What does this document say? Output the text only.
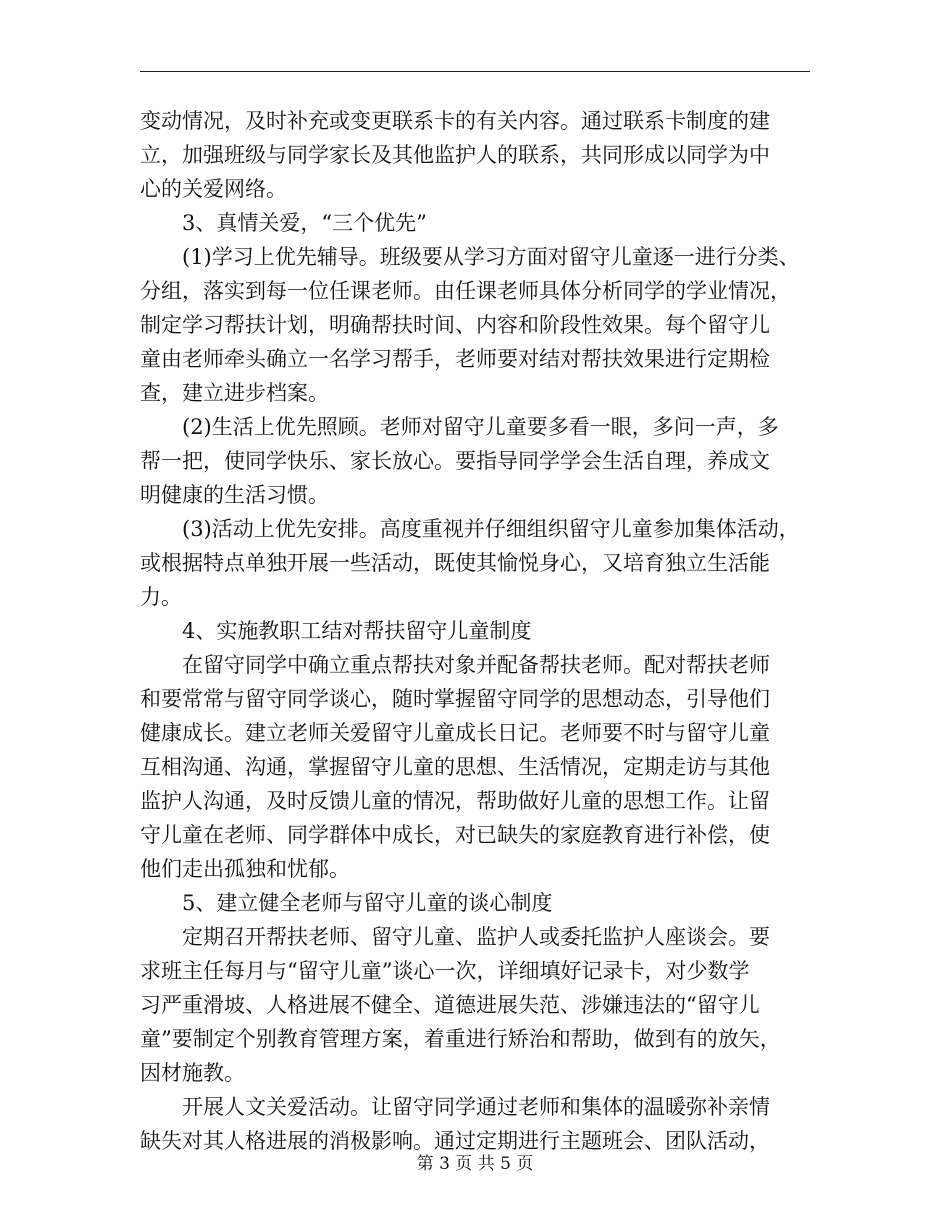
变动情况，及时补充或变更联系卡的有关内容。通过联系卡制度的建
立，加强班级与同学家长及其他监护人的联系，共同形成以同学为中
心的关爱网络。
3、真情关爱，“三个优先”
(1)学习上优先辅导。班级要从学习方面对留守儿童逐一进行分类、
分组，落实到每一位任课老师。由任课老师具体分析同学的学业情况，
制定学习帮扶计划，明确帮扶时间、内容和阶段性效果。每个留守儿
童由老师牵头确立一名学习帮手，老师要对结对帮扶效果进行定期检
查，建立进步档案。
(2)生活上优先照顾。老师对留守儿童要多看一眼，多问一声，多
帮一把，使同学快乐、家长放心。要指导同学学会生活自理，养成文
明健康的生活习惯。
(3)活动上优先安排。高度重视并仔细组织留守儿童参加集体活动，
或根据特点单独开展一些活动，既使其愉悦身心，又培育独立生活能
力。
4、实施教职工结对帮扶留守儿童制度
在留守同学中确立重点帮扶对象并配备帮扶老师。配对帮扶老师
和要常常与留守同学谈心，随时掌握留守同学的思想动态，引导他们
健康成长。建立老师关爱留守儿童成长日记。老师要不时与留守儿童
互相沟通、沟通，掌握留守儿童的思想、生活情况，定期走访与其他
监护人沟通，及时反馈儿童的情况，帮助做好儿童的思想工作。让留
守儿童在老师、同学群体中成长，对已缺失的家庭教育进行补偿，使
他们走出孤独和忧郁。
5、建立健全老师与留守儿童的谈心制度
定期召开帮扶老师、留守儿童、监护人或委托监护人座谈会。要
求班主任每月与“留守儿童”谈心一次，详细填好记录卡，对少数学
习严重滑坡、人格进展不健全、道德进展失范、涉嫌违法的“留守儿
童”要制定个别教育管理方案，着重进行矫治和帮助，做到有的放矢，
因材施教。
开展人文关爱活动。让留守同学通过老师和集体的温暖弥补亲情
缺失对其人格进展的消极影响。通过定期进行主题班会、团队活动，
第 3 页 共 5 页
